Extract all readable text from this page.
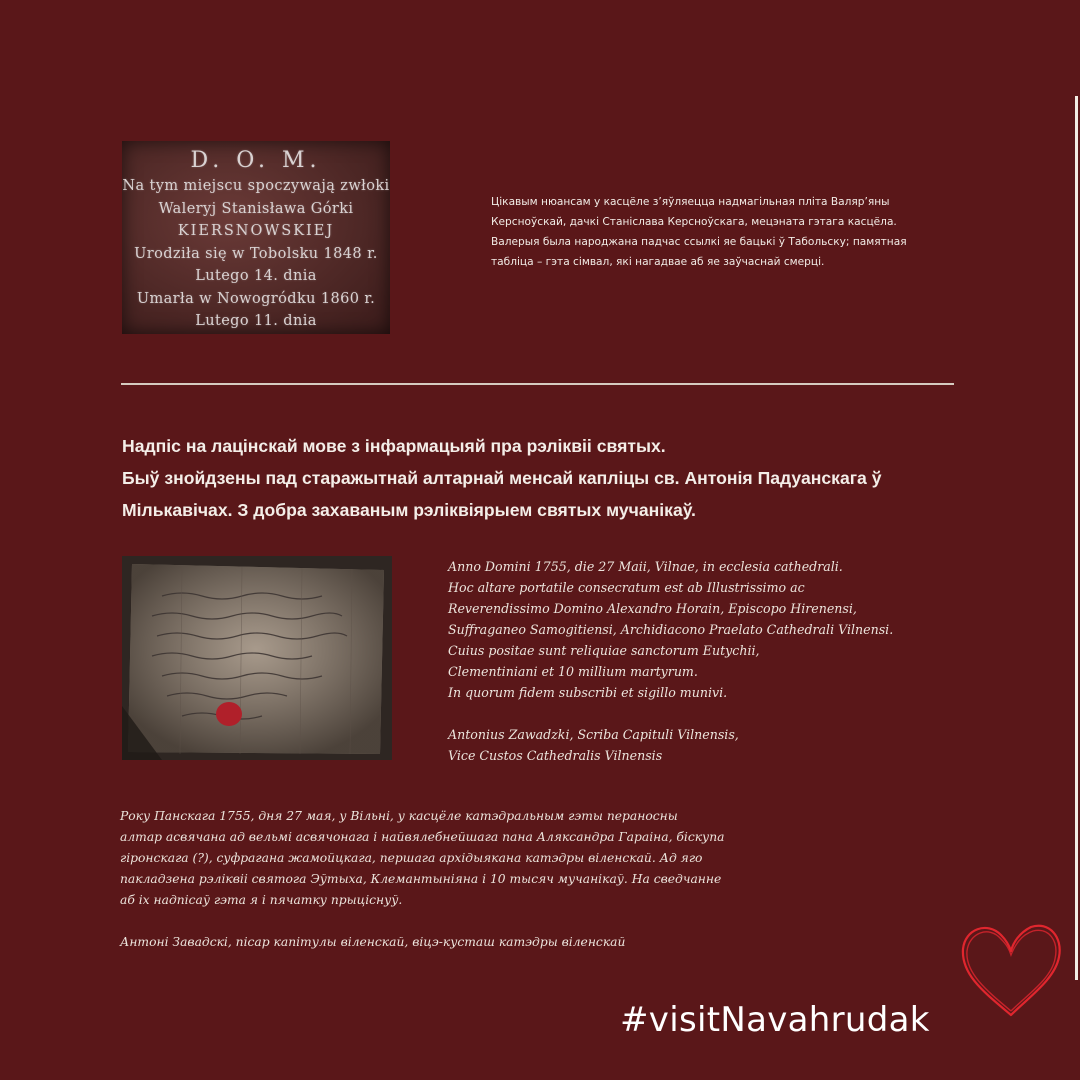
D. O. M.
Na tym miejscu spoczywają zwłoki
Waleryj Stanisława Górki
KIERSNOWSKIEJ
Urodziła się w Tobolsku 1848 r.
Lutego 14. dnia
Umarła w Nowogródku 1860 r.
Lutego 11. dnia
Цікавым нюансам у касцёле з’яўляецца надмагільная пліта Валяр’яны
Керсноўскай, дачкі Станіслава Керсноўскага, мецэната гэтага касцёла.
Валерыя была народжана падчас ссылкі яе бацькі ў Табольску; памятная
табліца – гэта сімвал, які нагадвае аб яе заўчаснай смерці.
Надпіс на лацінскай мове з інфармацыяй пра рэлiквii святых.
Быў знойдзены пад старажытнай алтарнай менсай капліцы св. Антонія Падуанскага ў
Мількавічах. З добра захаваным рэлiквiярыем святых мучанікаў.
Anno Domini 1755, die 27 Maii, Vilnae, in ecclesia cathedrali.
Hoc altare portatile consecratum est ab Illustrissimo ac
Reverendissimo Domino Alexandro Horain, Episcopo Hirenensi,
Suffraganeo Samogitiensi, Archidiacono Praelato Cathedrali Vilnensi.
Cuius positae sunt reliquiae sanctorum Eutychii,
Clementiniani et 10 millium martyrum.
In quorum fidem subscribi et sigillo munivi.
Antonius Zawadzki, Scriba Capituli Vilnensis,
Vice Custos Cathedralis Vilnensis
Року Панскага 1755, дня 27 мая, у Вільні, у касцёле катэдральным гэты пераносны
алтар асвячана ад вельмі асвячонага і найвялебнейшага пана Аляксандра Гараіна, біскупа
гіронскага (?), суфрагана жамойцкага, першага архідыякана катэдры віленскай. Ад яго
пакладзена рэлiквii святога Эўтыха, Клемантыніяна і 10 тысяч мучанікаў. На сведчанне
аб іх надпісаў гэта я і пячатку прыціснуў.
Антоні Завадскі, пісар капітулы віленскай, віцэ-кусташ катэдры віленскай
#visitNavahrudak
